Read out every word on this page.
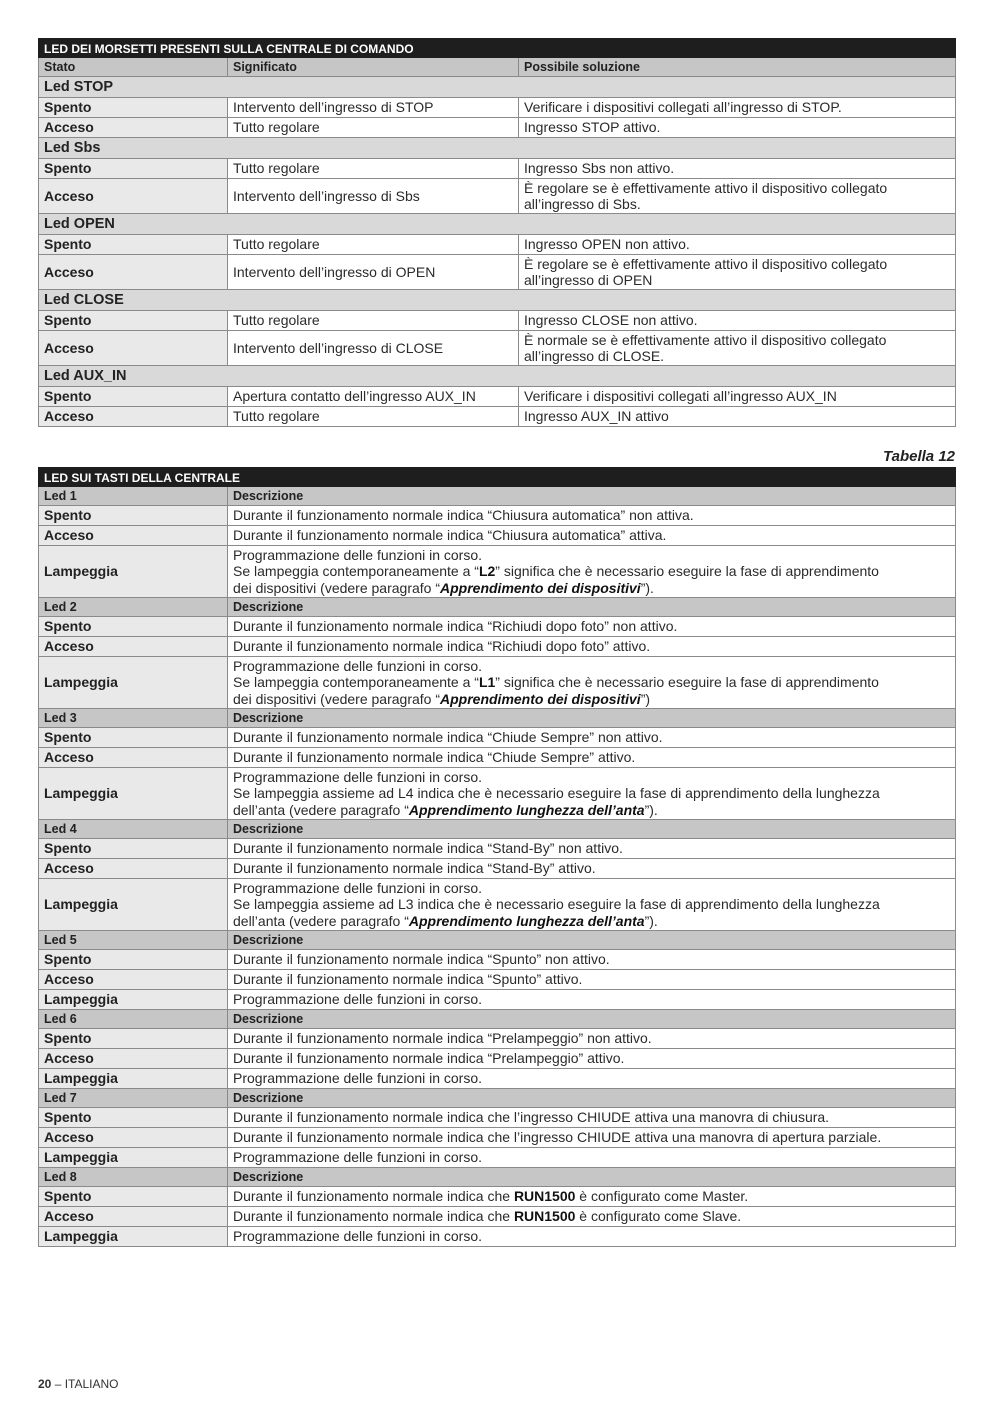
LED DEI MORSETTI PRESENTI SULLA CENTRALE DI COMANDO		
Stato	Significato	Possibile soluzione
Led STOP		
Spento	Intervento dell’ingresso di STOP	Verificare i dispositivi collegati all’ingresso di STOP.
Acceso	Tutto regolare	Ingresso STOP attivo.
Led Sbs		
Spento	Tutto regolare	Ingresso Sbs non attivo.
Acceso	Intervento dell’ingresso di Sbs	È regolare se è effettivamente attivo il dispositivo collegato all’ingresso di Sbs.
Led OPEN		
Spento	Tutto regolare	Ingresso OPEN non attivo.
Acceso	Intervento dell’ingresso di OPEN	È regolare se è effettivamente attivo il dispositivo collegato all’ingresso di OPEN
Led CLOSE		
Spento	Tutto regolare	Ingresso CLOSE non attivo.
Acceso	Intervento dell’ingresso di CLOSE	È normale se è effettivamente attivo il dispositivo collegato all’ingresso di CLOSE.
Led AUX_IN		
Spento	Apertura contatto dell’ingresso AUX_IN	Verificare i dispositivi collegati all’ingresso AUX_IN
Acceso	Tutto regolare	Ingresso AUX_IN attivo
Tabella 12
LED SUI TASTI DELLA CENTRALE	
Led 1	Descrizione
Spento	Durante il funzionamento normale indica “Chiusura automatica” non attiva.
Acceso	Durante il funzionamento normale indica “Chiusura automatica” attiva.
Lampeggia	Programmazione delle funzioni in corso.
Se lampeggia contemporaneamente a “L2” significa che è necessario eseguire la fase di apprendimento
dei dispositivi (vedere paragrafo “Apprendimento dei dispositivi”).

Led 2	Descrizione
Spento	Durante il funzionamento normale indica “Richiudi dopo foto” non attivo.
Acceso	Durante il funzionamento normale indica “Richiudi dopo foto” attivo.
Lampeggia	Programmazione delle funzioni in corso.
Se lampeggia contemporaneamente a “L1” significa che è necessario eseguire la fase di apprendimento
dei dispositivi (vedere paragrafo “Apprendimento dei dispositivi”)

Led 3	Descrizione
Spento	Durante il funzionamento normale indica “Chiude Sempre” non attivo.
Acceso	Durante il funzionamento normale indica “Chiude Sempre” attivo.
Lampeggia	Programmazione delle funzioni in corso.
Se lampeggia assieme ad L4 indica che è necessario eseguire la fase di apprendimento della lunghezza
dell’anta (vedere paragrafo “Apprendimento lunghezza dell’anta”).

Led 4	Descrizione
Spento	Durante il funzionamento normale indica “Stand-By” non attivo.
Acceso	Durante il funzionamento normale indica “Stand-By” attivo.
Lampeggia	Programmazione delle funzioni in corso.
Se lampeggia assieme ad L3 indica che è necessario eseguire la fase di apprendimento della lunghezza
dell’anta (vedere paragrafo “Apprendimento lunghezza dell’anta”).

Led 5	Descrizione
Spento	Durante il funzionamento normale indica “Spunto” non attivo.
Acceso	Durante il funzionamento normale indica “Spunto” attivo.
Lampeggia	Programmazione delle funzioni in corso.
Led 6	Descrizione
Spento	Durante il funzionamento normale indica “Prelampeggio” non attivo.
Acceso	Durante il funzionamento normale indica “Prelampeggio” attivo.
Lampeggia	Programmazione delle funzioni in corso.
Led 7	Descrizione
Spento	Durante il funzionamento normale indica che l’ingresso CHIUDE attiva una manovra di chiusura.
Acceso	Durante il funzionamento normale indica che l’ingresso CHIUDE attiva una manovra di apertura parziale.
Lampeggia	Programmazione delle funzioni in corso.
Led 8	Descrizione
Spento	Durante il funzionamento normale indica che RUN1500 è configurato come Master.
Acceso	Durante il funzionamento normale indica che RUN1500 è configurato come Slave.
Lampeggia	Programmazione delle funzioni in corso.
20 – ITALIANO
